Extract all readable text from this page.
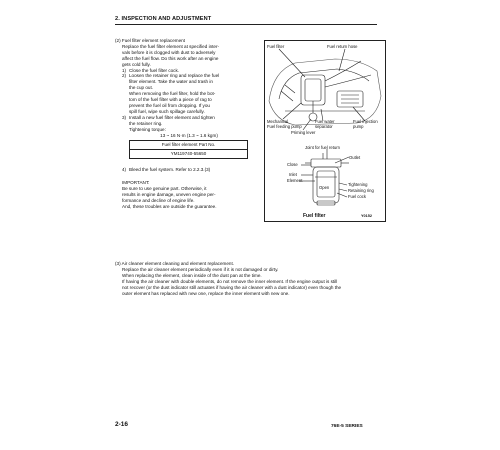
2. INSPECTION AND ADJUSTMENT

(2) Fuel filter element replacement

Replace the fuel filter element at specified inter-

vals before it is clogged with dust to adversely

affect the fuel flow. Do this work after an engine

gets cold fully.

1) Close the fuel filter cock.
2) Loosen the retainer ring and replace the fuel
filter element. Take the water and trash in
the cup out.
When removing the fuel filter, hold the bot-
tom of the fuel filter with a piece of rag to
prevent the fuel oil from dropping. If you
spill fuel, wipe such spillage carefully.
3) Install a new fuel filter element and tighten
the retainer ring.
Tightening torque:

13 ~ 16 N·m (1.3 ~ 1.6 kgm)

Fuel filter element Part No.
YM119740-55650
4) Bleed the fuel system. Refer to 2.2.3.(3)

IMPORTANT:

Be sure to use genuine part. Otherwise, it

results in engine damage, uneven engine per-

formance and decline of engine life.

And, these troubles are outside the guarantee.

Fuel filter	Fuel return hose
Mechanical
Fuel feeding pump
Fuel water
separator
Fuel injection
pump
Priming lever
Joint for fuel return
Outlet
Close
Inlet
Element
Tightening
Retaining ring
Open
Fuel cock
Fuel filter	Y0152

(3) Air cleaner element cleaning and element replacement.

Replace the air cleaner element periodically even if it is not damaged or dirty.

When replacing the element, clean inside of the dust pan at the time.

If having the air cleaner with double elements, do not remove the inner element. If the engine output is still

not recover (or the dust indicator still actuates if having the air cleaner with a dust indicator) even though the

outer element has replaced with new one, replace the inner element with new one.

2-16	76E-5 SERIES
